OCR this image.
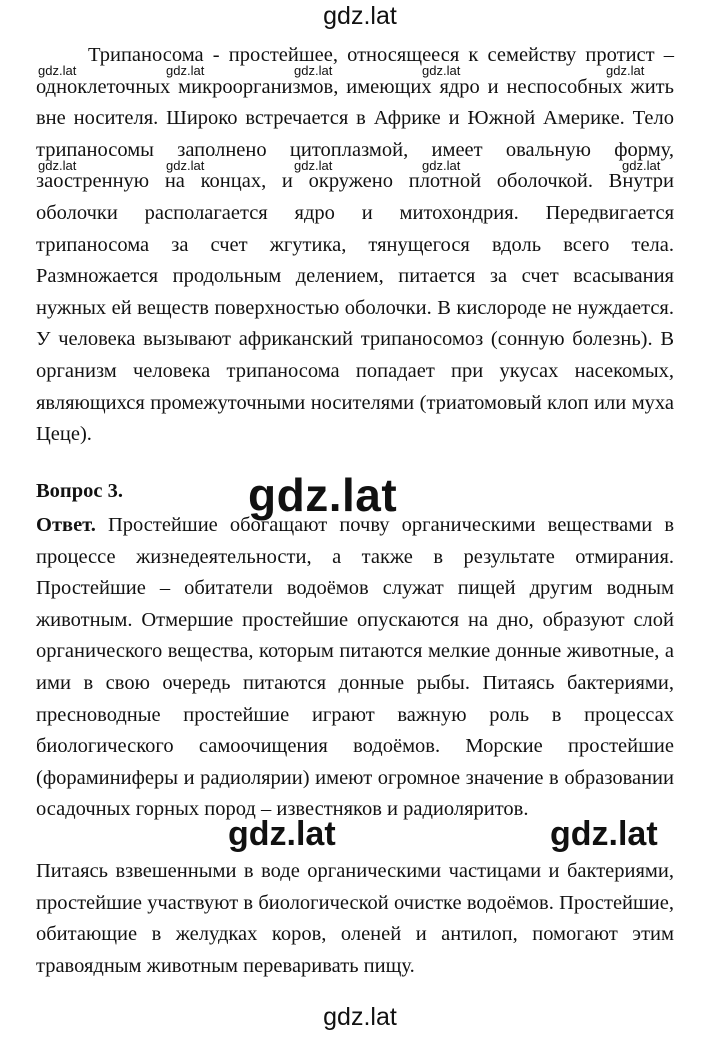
gdz.lat
Трипаносома - простейшее, относящееся к семейству протист – одноклеточных микроорганизмов, имеющих ядро и неспособных жить вне носителя. Широко встречается в Африке и Южной Америке. Тело трипаносомы заполнено цитоплазмой, имеет овальную форму, заостренную на концах, и окружено плотной оболочкой. Внутри оболочки располагается ядро и митохондрия. Передвигается трипаносома за счет жгутика, тянущегося вдоль всего тела. Размножается продольным делением, питается за счет всасывания нужных ей веществ поверхностью оболочки. В кислороде не нуждается. У человека вызывают африканский трипаносомоз (сонную болезнь). В организм человека трипаносома попадает при укусах насекомых, являющихся промежуточными носителями (триатомовый клоп или муха Цеце).
Вопрос 3.
Ответ. Простейшие обогащают почву органическими веществами в процессе жизнедеятельности, а также в результате отмирания. Простейшие – обитатели водоёмов служат пищей другим водным животным. Отмершие простейшие опускаются на дно, образуют слой органического вещества, которым питаются мелкие донные животные, а ими в свою очередь питаются донные рыбы. Питаясь бактериями, пресноводные простейшие играют важную роль в процессах биологического самоочищения водоёмов. Морские простейшие (фораминиферы и радиолярии) имеют огромное значение в образовании осадочных горных пород – известняков и радиоляритов.
Питаясь взвешенными в воде органическими частицами и бактериями, простейшие участвуют в биологической очистке водоёмов. Простейшие, обитающие в желудках коров, оленей и антилоп, помогают этим травоядным животным переваривать пищу.
gdz.lat	gdz.lat	gdz.lat	gdz.lat	gdz.lat
gdz.lat	gdz.lat	gdz.lat	gdz.lat	gdz.lat
gdz.lat
gdz.lat	gdz.lat
gdz.lat
